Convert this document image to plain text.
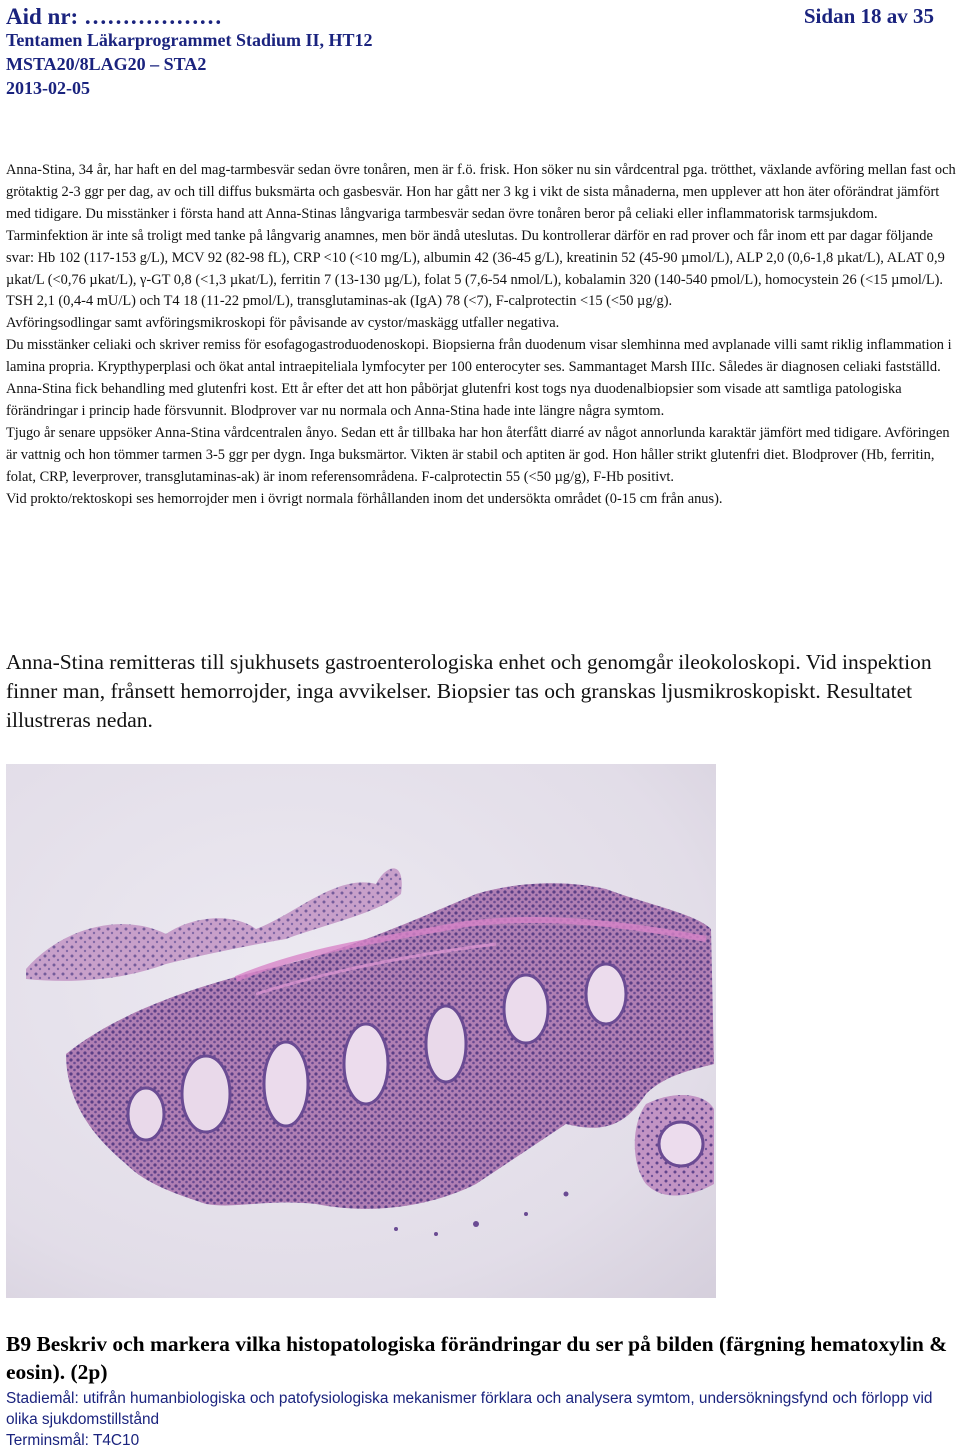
Aid nr: ………………	Sidan 18 av 35
Tentamen Läkarprogrammet Stadium II, HT12
MSTA20/8LAG20 – STA2
2013-02-05

Anna-Stina, 34 år, har haft en del mag-tarmbesvär sedan övre tonåren, men är f.ö. frisk. Hon söker nu sin vårdcentral pga. trötthet, växlande avföring mellan fast och grötaktig 2-3 ggr per dag, av och till diffus buksmärta och gasbesvär. Hon har gått ner 3 kg i vikt de sista månaderna, men upplever att hon äter oförändrat jämfört med tidigare. Du misstänker i första hand att Anna-Stinas långvariga tarmbesvär sedan övre tonåren beror på celiaki eller inflammatorisk tarmsjukdom. Tarminfektion är inte så troligt med tanke på långvarig anamnes, men bör ändå uteslutas. Du kontrollerar därför en rad prover och får inom ett par dagar följande svar: Hb 102 (117-153 g/L), MCV 92 (82-98 fL), CRP <10 (<10 mg/L), albumin 42 (36-45 g/L), kreatinin 52 (45-90 µmol/L), ALP 2,0 (0,6-1,8 µkat/L), ALAT 0,9 µkat/L (<0,76 µkat/L), γ-GT 0,8 (<1,3 µkat/L), ferritin 7 (13-130 µg/L), folat 5 (7,6-54 nmol/L), kobalamin 320 (140-540 pmol/L), homocystein 26 (<15 µmol/L). TSH 2,1 (0,4-4 mU/L) och T4 18 (11-22 pmol/L), transglutaminas-ak (IgA) 78 (<7), F-calprotectin <15 (<50 µg/g).

Avföringsodlingar samt avföringsmikroskopi för påvisande av cystor/maskägg utfaller negativa.

Du misstänker celiaki och skriver remiss för esofagogastroduodenoskopi. Biopsierna från duodenum visar slemhinna med avplanade villi samt riklig inflammation i lamina propria. Krypthyperplasi och ökat antal intraepiteliala lymfocyter per 100 enterocyter ses. Sammantaget Marsh IIIc. Således är diagnosen celiaki fastställd.

Anna-Stina fick behandling med glutenfri kost. Ett år efter det att hon påbörjat glutenfri kost togs nya duodenalbiopsier som visade att samtliga patologiska förändringar i princip hade försvunnit. Blodprover var nu normala och Anna-Stina hade inte längre några symtom.

Tjugo år senare uppsöker Anna-Stina vårdcentralen ånyo. Sedan ett år tillbaka har hon återfått diarré av något annorlunda karaktär jämfört med tidigare. Avföringen är vattnig och hon tömmer tarmen 3-5 ggr per dygn. Inga buksmärtor. Vikten är stabil och aptiten är god. Hon håller strikt glutenfri diet. Blodprover (Hb, ferritin, folat, CRP, leverprover, transglutaminas-ak) är inom referensområdena. F-calprotectin 55 (<50 µg/g), F-Hb positivt.

Vid prokto/rektoskopi ses hemorrojder men i övrigt normala förhållanden inom det undersökta området (0-15 cm från anus).

Anna-Stina remitteras till sjukhusets gastroenterologiska enhet och genomgår ileokoloskopi. Vid inspektion finner man, frånsett hemorrojder, inga avvikelser. Biopsier tas och granskas ljusmikroskopiskt. Resultatet illustreras nedan.

B9 Beskriv och markera vilka histopatologiska förändringar du ser på bilden (färgning hematoxylin & eosin). (2p)

Stadiemål: utifrån humanbiologiska och patofysiologiska mekanismer förklara och analysera symtom, undersökningsfynd och förlopp vid olika sjukdomstillstånd

Terminsmål: T4C10
